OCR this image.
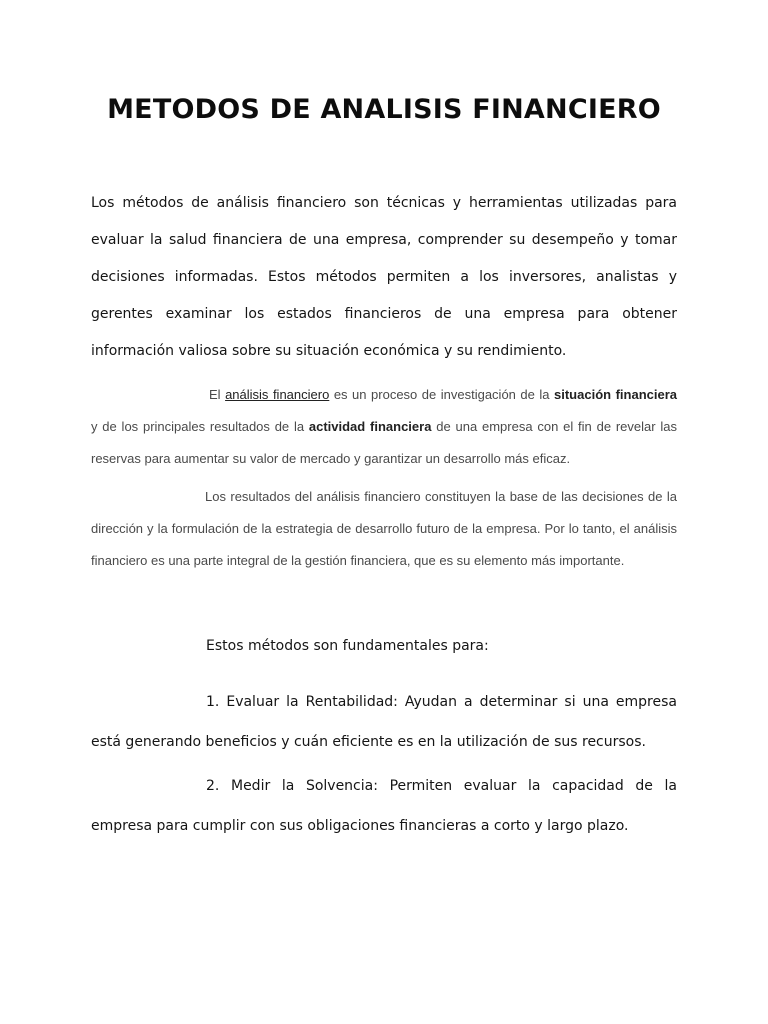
METODOS DE ANALISIS FINANCIERO
Los métodos de análisis financiero son técnicas y herramientas utilizadas para evaluar la salud financiera de una empresa, comprender su desempeño y tomar decisiones informadas. Estos métodos permiten a los inversores, analistas y gerentes examinar los estados financieros de una empresa para obtener información valiosa sobre su situación económica y su rendimiento.
El análisis financiero es un proceso de investigación de la situación financiera y de los principales resultados de la actividad financiera de una empresa con el fin de revelar las reservas para aumentar su valor de mercado y garantizar un desarrollo más eficaz.
Los resultados del análisis financiero constituyen la base de las decisiones de la dirección y la formulación de la estrategia de desarrollo futuro de la empresa. Por lo tanto, el análisis financiero es una parte integral de la gestión financiera, que es su elemento más importante.
Estos métodos son fundamentales para:
1. Evaluar la Rentabilidad: Ayudan a determinar si una empresa está generando beneficios y cuán eficiente es en la utilización de sus recursos.
2. Medir la Solvencia: Permiten evaluar la capacidad de la empresa para cumplir con sus obligaciones financieras a corto y largo plazo.
